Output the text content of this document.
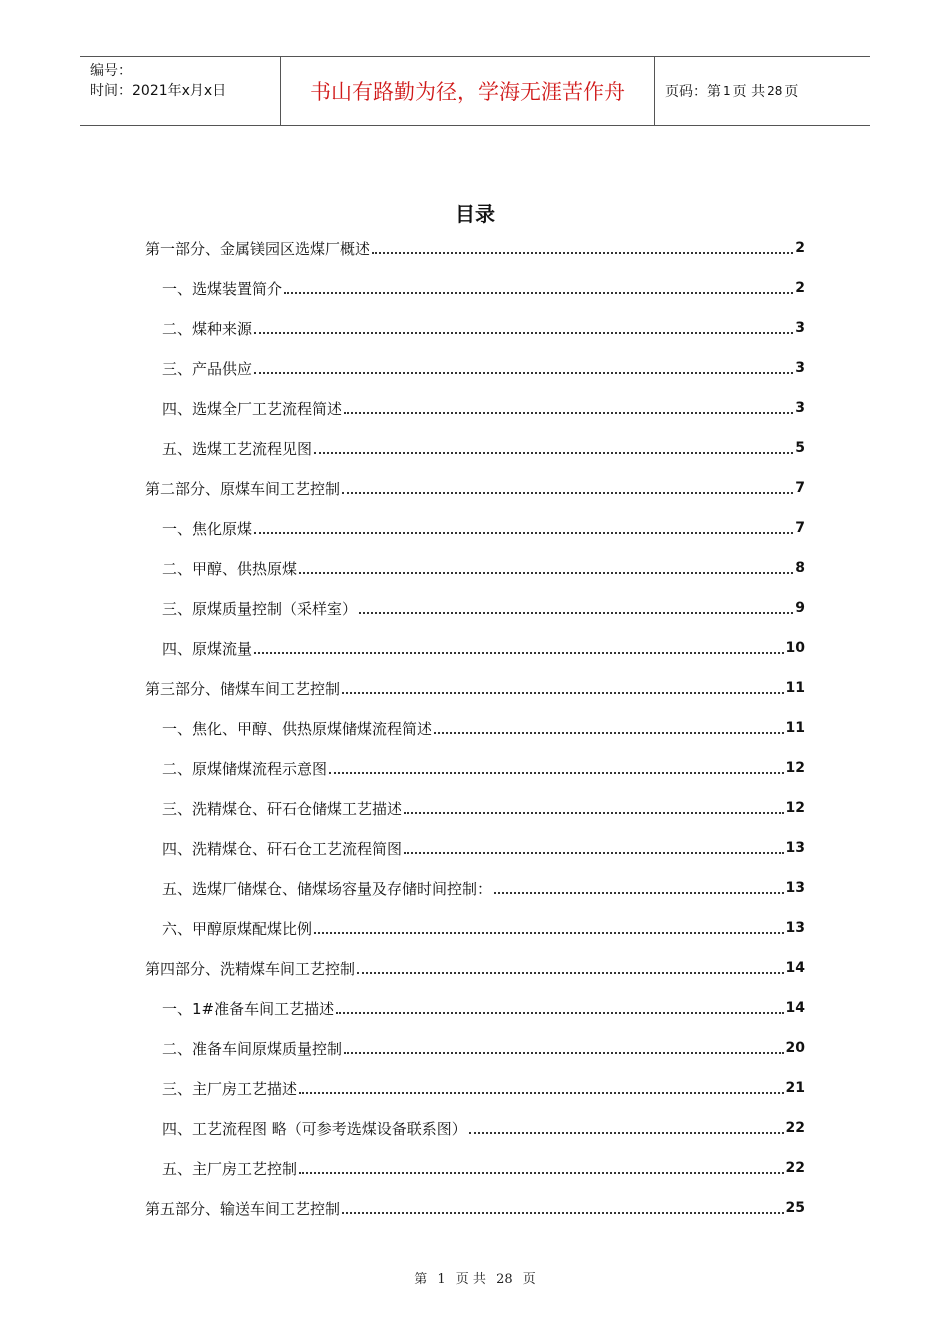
编号：
时间：2021年x月x日	书山有路勤为径，学海无涯苦作舟	页码：第 1 页 共 28 页
目录
第一部分、金属镁园区选煤厂概述	2
一、选煤装置简介	2
二、煤种来源	3
三、产品供应	3
四、选煤全厂工艺流程简述	3
五、选煤工艺流程见图	5
第二部分、原煤车间工艺控制	7
一、焦化原煤	7
二、甲醇、供热原煤	8
三、原煤质量控制（采样室）	9
四、原煤流量	10
第三部分、储煤车间工艺控制	11
一、焦化、甲醇、供热原煤储煤流程简述	11
二、原煤储煤流程示意图	12
三、洗精煤仓、矸石仓储煤工艺描述	12
四、洗精煤仓、矸石仓工艺流程简图	13
五、选煤厂储煤仓、储煤场容量及存储时间控制：	13
六、甲醇原煤配煤比例	13
第四部分、洗精煤车间工艺控制	14
一、1#准备车间工艺描述	14
二、准备车间原煤质量控制	20
三、主厂房工艺描述	21
四、工艺流程图 略（可参考选煤设备联系图）	22
五、主厂房工艺控制	22
第五部分、输送车间工艺控制	25
第 1 页 共 28 页
